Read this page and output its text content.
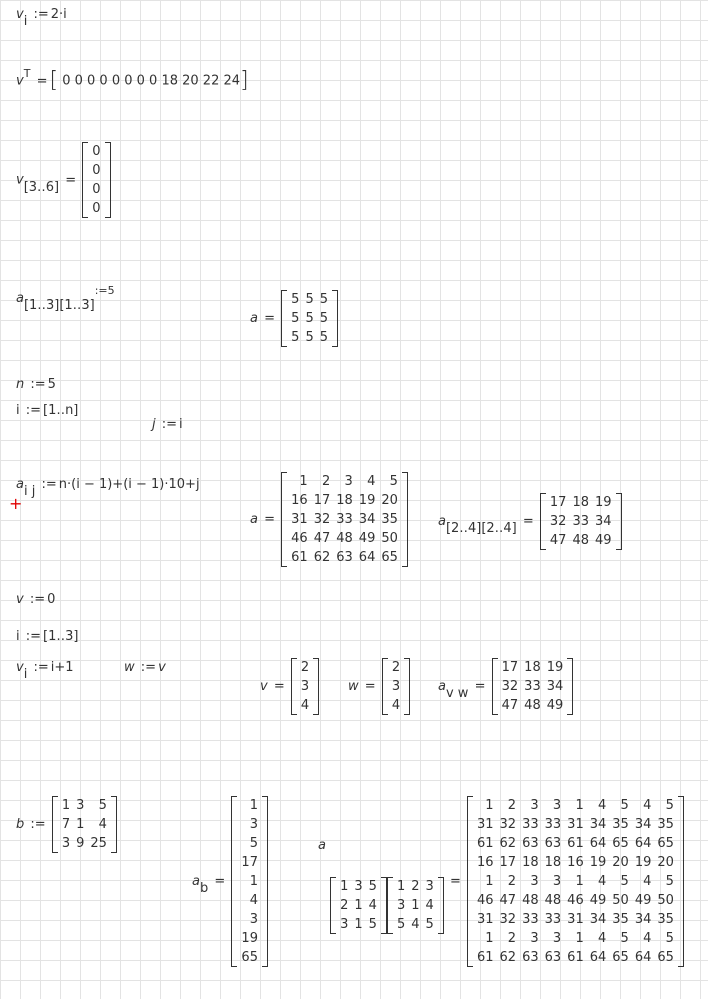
vi := 2·i
vT =[ 0 0 0 0 0 0 0 0 18 20 22 24]
v[3‥6] =
0
0
0
0
a[1‥3][1‥3]:=5
a =
5	5	5
5	5	5
5	5	5
n := 5
i := [1‥n]
j := i
ai j := n·(i − 1)+(i − 1)·10+j
+
a =
1	2	3	4	5
16	17	18	19	20
31	32	33	34	35
46	47	48	49	50
61	62	63	64	65
a[2‥4][2‥4] =
17	18	19
32	33	34
47	48	49
v := 0
i := [1‥3]
vi := i+1	w := v
v =
2
3
4
w =
2
3
4
av w =
17	18	19
32	33	34
47	48	49
b :=
1	3	5
7	1	4
3	9	25
ab =
1
3
5
17
1
4
3
19
65
a
1	3	5
2	1	4
3	1	5
1	2	3
3	1	4
5	4	5
=
1	2	3	3	1	4	5	4	5
31	32	33	33	31	34	35	34	35
61	62	63	63	61	64	65	64	65
16	17	18	18	16	19	20	19	20
1	2	3	3	1	4	5	4	5
46	47	48	48	46	49	50	49	50
31	32	33	33	31	34	35	34	35
1	2	3	3	1	4	5	4	5
61	62	63	63	61	64	65	64	65
